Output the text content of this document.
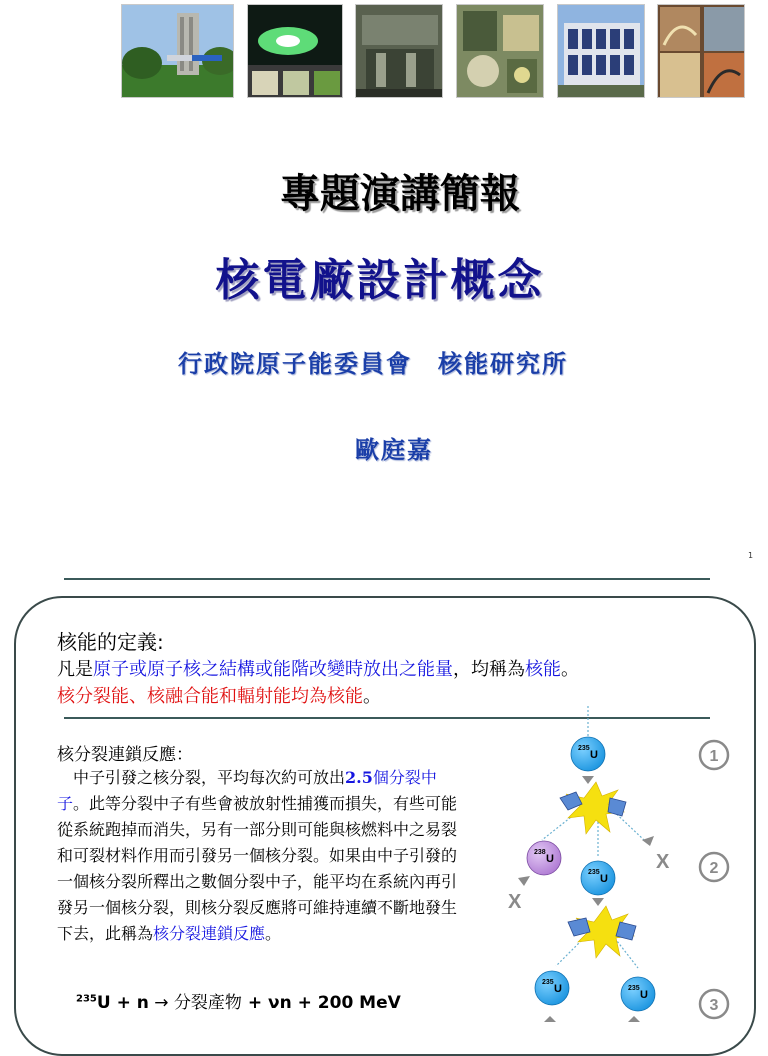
專題演講簡報
核電廠設計概念
行政院原子能委員會 核能研究所
歐庭嘉
1
核能的定義:
凡是原子或原子核之結構或能階改變時放出之能量，均稱為核能。
核分裂能、核融合能和輻射能均為核能。
核分裂連鎖反應：

中子引發之核分裂，平均每次約可放出2.5個分裂中子。此等分裂中子有些會被放射性捕獲而損失，有些可能從系統跑掉而消失，另有一部分則可能與核燃料中之易裂和可裂材料作用而引發另一個核分裂。如果由中子引發的一個核分裂所釋出之數個分裂中子，能平均在系統內再引發另一個核分裂，則核分裂反應將可維持連續不斷地發生下去，此稱為核分裂連鎖反應。

$^{235}$U + n → 分裂產物 + νn + 200 MeV
235
U
238
U
235
U
235
U	235
U
X
X
1
2
3
